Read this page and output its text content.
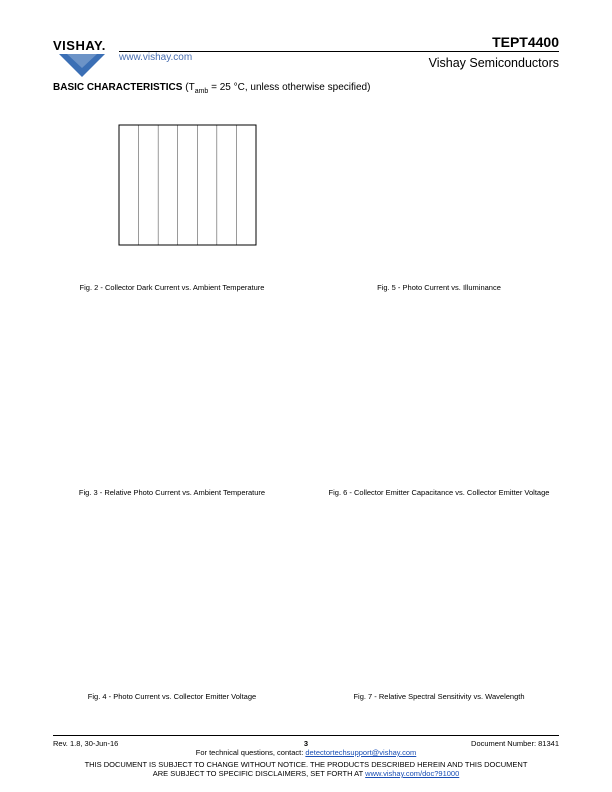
VISHAY.
www.vishay.com
TEPT4400
Vishay Semiconductors
BASIC CHARACTERISTICS ($T_{amb} = 25$ °C, unless otherwise specified)
Fig. 2 - Collector Dark Current vs. Ambient Temperature
Fig. 3 - Relative Photo Current vs. Ambient Temperature
Fig. 4 - Photo Current vs. Collector Emitter Voltage
Fig. 5 - Photo Current vs. Illuminance
Fig. 6 - Collector Emitter Capacitance vs. Collector Emitter Voltage
Fig. 7 - Relative Spectral Sensitivity vs. Wavelength
Rev. 1.8, 30-Jun-16	3	Document Number: 81341
For technical questions, contact: detectortechsupport@vishay.com
THIS DOCUMENT IS SUBJECT TO CHANGE WITHOUT NOTICE. THE PRODUCTS DESCRIBED HEREIN AND THIS DOCUMENT
ARE SUBJECT TO SPECIFIC DISCLAIMERS, SET FORTH AT www.vishay.com/doc?91000
